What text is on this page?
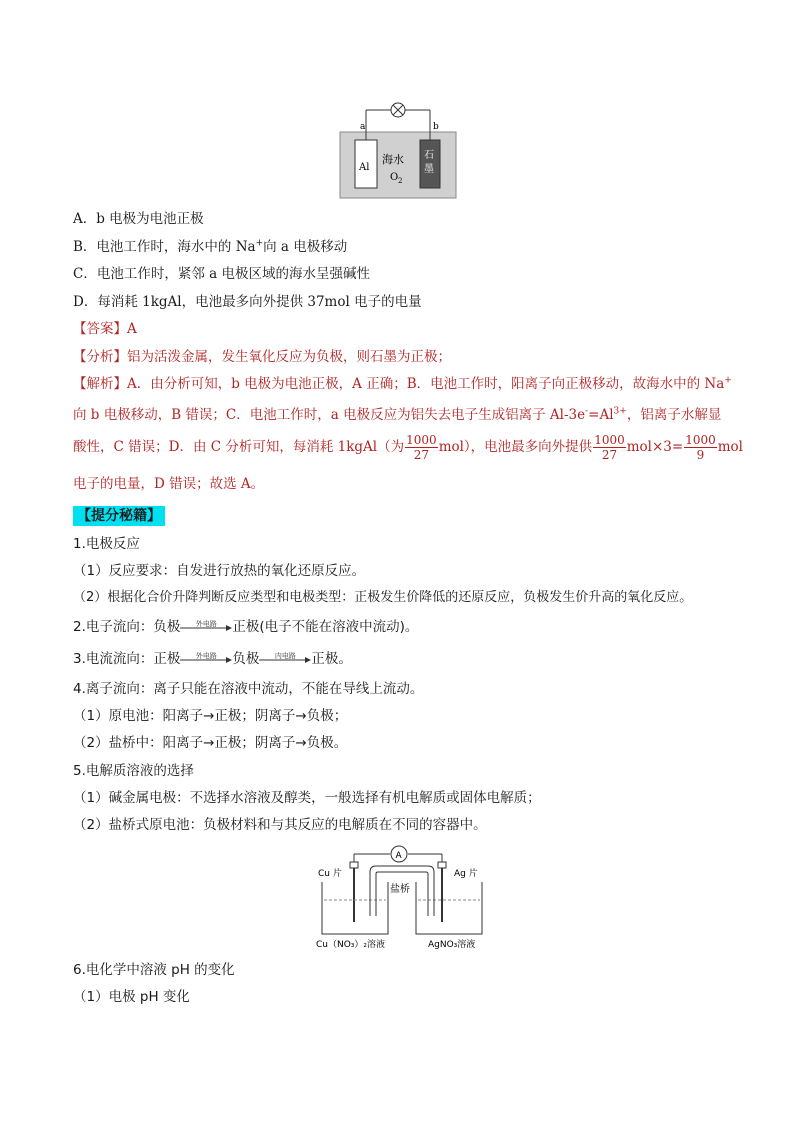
a	b
Al
海水
O 2
石
墨
A．b 电极为电池正极
B．电池工作时，海水中的 Na+向 a 电极移动
C．电池工作时，紧邻 a 电极区域的海水呈强碱性
D．每消耗 1kgAl，电池最多向外提供 37mol 电子的电量
【答案】A
【分析】铝为活泼金属，发生氧化反应为负极，则石墨为正极；
【解析】A．由分析可知，b 电极为电池正极，A 正确；B．电池工作时，阳离子向正极移动，故海水中的 Na+
向 b 电极移动，B 错误；C．电池工作时，a 电极反应为铝失去电子生成铝离子 $Al-3e^-=Al^{3+}$，铝离子水解显
酸性，C 错误；D．由 C 分析可知，每消耗 1kgAl（为 $\frac{1000}{27} mol$），电池最多向外提供 $\frac{1000}{27} mol\times 3= \frac{1000}{9}$ mol
电子的电量，D 错误；故选 A。
【提分秘籍】
1.电极反应
（1）反应要求：自发进行放热的氧化还原反应。
（2）根据化合价升降判断反应类型和电极类型：正极发生价降低的还原反应，负极发生价升高的氧化反应。
2.电子流向：负极	外电路	正极(电子不能在溶液中流动)。
3.电流流向：正极	外电路	负极	内电路	正极。
4.离子流向：离子只能在溶液中流动，不能在导线上流动。
（1）原电池：阳离子→正极；阴离子→负极；
（2）盐桥中：阳离子→正极；阴离子→负极。
5.电解质溶液的选择
（1）碱金属电极：不选择水溶液及醇类，一般选择有机电解质或固体电解质；
（2）盐桥式原电池：负极材料和与其反应的电解质在不同的容器中。
A
Cu 片	Ag 片
盐桥
Cu（NO₃）₂溶液	AgNO₃溶液
6.电化学中溶液 pH 的变化
（1）电极 pH 变化
